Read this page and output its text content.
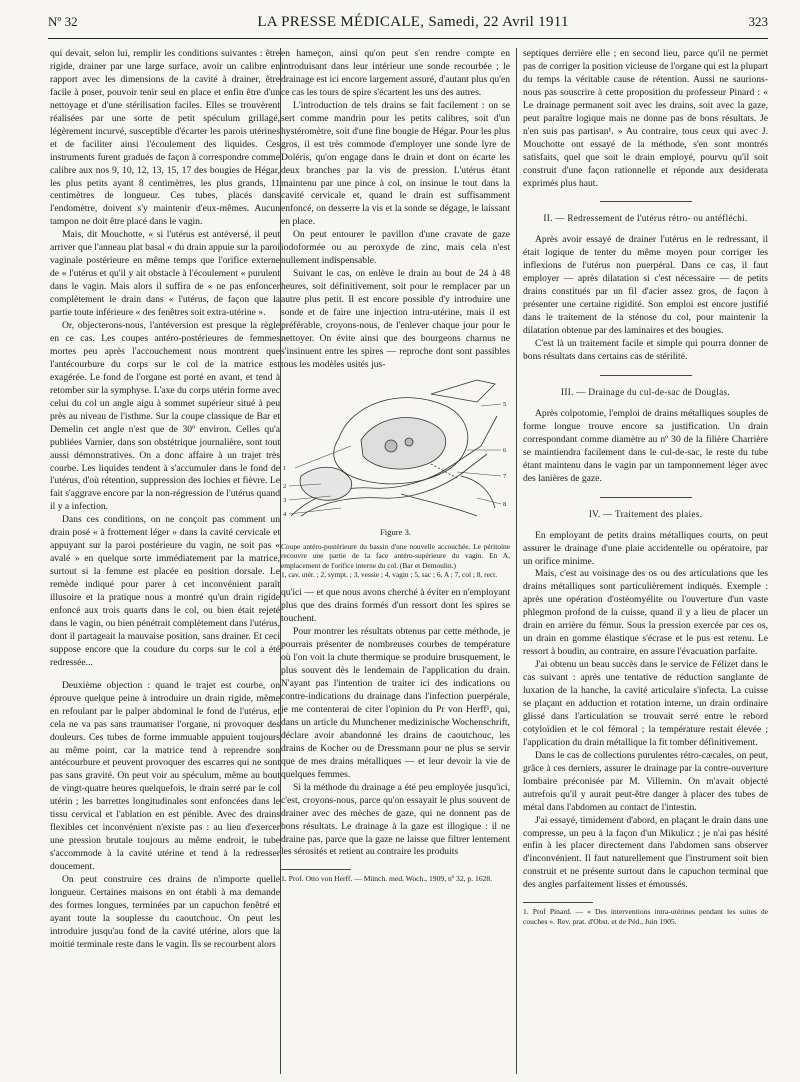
Nº 32	LA PRESSE MÉDICALE, Samedi, 22 Avril 1911	323

qui devait, selon lui, remplir les conditions suivantes : être rigide, drainer par une large surface, avoir un calibre en rapport avec les dimensions de la cavité à drainer, être facile à poser, pouvoir tenir seul en place et enfin être d'un nettoyage et d'une stérilisation faciles. Elles se trouvèrent réalisées par une sorte de petit spéculum grillagé, légèrement incurvé, susceptible d'écarter les parois utérines et de faciliter ainsi l'écoulement des liquides. Ces instruments furent gradués de façon à correspondre comme calibre aux nos 9, 10, 12, 13, 15, 17 des bougies de Hégar, les plus petits ayant 8 centimètres, les plus grands, 11 centimètres de longueur. Ces tubes, placés dans l'endomètre, doivent s'y maintenir d'eux-mêmes. Aucun tampon ne doit être placé dans le vagin.

Mais, dit Mouchotte, « si l'utérus est antéversé, il peut arriver que l'anneau plat basal « du drain appuie sur la paroi vaginale postérieure en même temps que l'orifice externe de « l'utérus et qu'il y ait obstacle à l'écoulement « purulent dans le vagin. Mais alors il suffira de « ne pas enfoncer complètement le drain dans « l'utérus, de façon que la partie toute inférieure « des fenêtres soit extra-utérine ».

Or, objecterons-nous, l'antéversion est presque la règle en ce cas. Les coupes antéro-postérieures de femmes mortes peu après l'accouchement nous montrent que l'antécourbure du corps sur le col de la matrice est exagérée. Le fond de l'organe est porté en avant, et tend à retomber sur la symphyse. L'axe du corps utérin forme avec celui du col un angle aigu à sommet supérieur situé à peu près au niveau de l'isthme. Sur la coupe classique de Bar et Demelin cet angle n'est que de 30º environ. Celles qu'a publiées Varnier, dans son obstétrique journalière, sont tout aussi démonstratives. On a donc affaire à un trajet très courbe. Les liquides tendent à s'accumuler dans le fond de l'utérus, d'où rétention, suppression des lochies et fièvre. Le fait s'aggrave encore par la non-régression de l'utérus quand il y a infection.

Dans ces conditions, on ne conçoit pas comment un drain posé « à frottement léger » dans la cavité cervicale et appuyant sur la paroi postérieure du vagin, ne soit pas « avalé » en quelque sorte immédiatement par la matrice, surtout si la femme est placée en position dorsale. Le remède indiqué pour parer à cet inconvénient paraît illusoire et la pratique nous a montré qu'un drain rigide enfoncé aux trois quarts dans le col, ou bien était rejeté dans le vagin, ou bien pénétrait complètement dans l'utérus, dont il partageait la mauvaise position, sans drainer. Et ceci suppose encore que la coudure du corps sur le col a été redressée...

Deuxième objection : quand le trajet est courbe, on éprouve quelque peine à introduire un drain rigide, même en refoulant par le palper abdominal le fond de l'utérus, et cela ne va pas sans traumatiser l'organe, ni provoquer des douleurs. Ces tubes de forme immuable appuient toujours au même point, car la matrice tend à reprendre son antécourbure et peuvent provoquer des escarres qui ne sont pas sans gravité. On peut voir au spéculum, même au bout de vingt-quatre heures quelquefois, le drain serré par le col utérin ; les barrettes longitudinales sont enfoncées dans le tissu cervical et l'ablation en est pénible. Avec des drains flexibles cet inconvénient n'existe pas : au lieu d'exercer une pression brutale toujours au même endroit, le tube s'accommode à la cavité utérine et tend à la redresser doucement.

On peut construire ces drains de n'importe quelle longueur. Certaines maisons en ont établi à ma demande des formes longues, terminées par un capuchon fenêtré et ayant toute la souplesse du caoutchouc. On peut les introduire jusqu'au fond de la cavité utérine, alors que la moitié terminale reste dans le vagin. Ils se recourbent alors

en hameçon, ainsi qu'on peut s'en rendre compte en introduisant dans leur intérieur une sonde recourbée ; le drainage est ici encore largement assuré, d'autant plus qu'en ce cas les tours de spire s'écartent les uns des autres.

L'introduction de tels drains se fait facilement : on se sert comme mandrin pour les petits calibres, soit d'un hystéromètre, soit d'une fine bougie de Hégar. Pour les plus gros, il est très commode d'employer une sonde lyre de Doléris, qu'on engage dans le drain et dont on écarte les deux branches par la vis de pression. L'utérus étant maintenu par une pince à col, on insinue le tout dans la cavité cervicale et, quand le drain est suffisamment enfoncé, on desserre la vis et la sonde se dégage, le laissant en place.

On peut entourer le pavillon d'une cravate de gaze iodoformée ou au peroxyde de zinc, mais cela n'est nullement indispensable.

Suivant le cas, on enlève le drain au bout de 24 à 48 heures, soit définitivement, soit pour le remplacer par un autre plus petit. Il est encore possible d'y introduire une sonde et de faire une injection intra-utérine, mais il est préférable, croyons-nous, de l'enlever chaque jour pour le nettoyer. On évite ainsi que des bourgeons charnus ne s'insinuent entre les spires — reproche dont sont passibles tous les modèles usités jus-

5
6
7
8
1
2
3
4
Figure 3.
Coupe antéro-postérieure du bassin d'une nouvelle accouchée. Le péritoine recouvre une partie de la face antéro-supérieure du vagin. En A, emplacement de l'orifice interne du col. (Bar et Demoulin.)
1, cav. utér. ; 2, sympt. ; 3, vessie ; 4, vagin ; 5, sac ; 6, A ; 7, col ; 8, rect.

qu'ici — et que nous avons cherché à éviter en n'employant plus que des drains formés d'un ressort dont les spires se touchent.

Pour montrer les résultats obtenus par cette méthode, je pourrais présenter de nombreuses courbes de température où l'on voit la chute thermique se produire brusquement, le plus souvent dès le lendemain de l'application du drain. N'ayant pas l'intention de traiter ici des indications ou contre-indications du drainage dans l'infection puerpérale, je me contenterai de citer l'opinion du Pr von Herff¹, qui, dans un article du Munchener medizinische Wochenschrift, déclare avoir abandonné les drains de caoutchouc, les drains de Kocher ou de Dressmann pour ne plus se servir que de mes drains métalliques — et leur devoir la vie de quelques femmes.

Si la méthode du drainage a été peu employée jusqu'ici, c'est, croyons-nous, parce qu'on essayait le plus souvent de drainer avec des mèches de gaze, qui ne donnent pas de bons résultats. Le drainage à la gaze est illogique : il ne draine pas, parce que la gaze ne laisse que filtrer lentement les sérosités et retient au contraire les produits

1. Prof. Otto von Herff. — Münch. med. Woch., 1909, nº 32, p. 1628.

septiques derrière elle ; en second lieu, parce qu'il ne permet pas de corriger la position vicieuse de l'organe qui est la plupart du temps la véritable cause de rétention. Aussi ne saurions-nous pas souscrire à cette proposition du professeur Pinard : « Le drainage permanent soit avec les drains, soit avec la gaze, peut paraître logique mais ne donne pas de bons résultats. Je n'en suis pas partisan¹. » Au contraire, tous ceux qui avec J. Mouchotte ont essayé de la méthode, s'en sont montrés satisfaits, quel que soit le drain employé, pourvu qu'il soit construit d'une façon rationnelle et réponde aux desiderata exprimés plus haut.

II. — Redressement de l'utérus rétro- ou antéfléchi.

Après avoir essayé de drainer l'utérus en le redressant, il était logique de tenter du même moyen pour corriger les inflexions de l'utérus non puerpéral. Dans ce cas, il faut employer — après dilatation si c'est nécessaire — de petits drains constitués par un fil d'acier assez gros, de façon à présenter une certaine rigidité. Son emploi est encore justifié dans le traitement de la sténose du col, pour maintenir la dilatation obtenue par des laminaires et des bougies.

C'est là un traitement facile et simple qui pourra donner de bons résultats dans certains cas de stérilité.

III. — Drainage du cul-de-sac de Douglas.

Après colpotomie, l'emploi de drains métalliques souples de forme longue trouve encore sa justification. Un drain correspondant comme diamètre au nº 30 de la filière Charrière se maintiendra facilement dans le cul-de-sac, le reste du tube étant maintenu dans le vagin par un tamponnement léger avec des lanières de gaze.

IV. — Traitement des plaies.

En employant de petits drains métalliques courts, on peut assurer le drainage d'une plaie accidentelle ou opératoire, par un orifice minime.

Mais, c'est au voisinage des os ou des articulations que les drains métalliques sont particulièrement indiqués. Exemple : après une opération d'ostéomyélite ou l'ouverture d'un vaste phlegmon profond de la cuisse, quand il y a lieu de placer un drain en arrière du fémur. Sous la pression exercée par ces os, un drain en gomme élastique s'écrase et le pus est retenu. Le ressort à boudin, au contraire, en assure l'évacuation parfaite.

J'ai obtenu un beau succès dans le service de Félizet dans le cas suivant : après une tentative de réduction sanglante de luxation de la hanche, la cavité articulaire s'infecta. La cuisse se plaçant en adduction et rotation interne, un drain ordinaire glissé dans l'articulation se trouvait serré entre le rebord cotyloïdien et le col fémoral ; la température restait élevée ; l'application du drain métallique la fit tomber définitivement.

Dans le cas de collections purulentes rétro-cæcales, on peut, grâce à ces derniers, assurer le drainage par la contre-ouverture lombaire préconisée par M. Villemin. On m'avait objecté autrefois qu'il y aurait peut-être danger à placer des tubes de métal dans l'abdomen au contact de l'intestin.

J'ai essayé, timidement d'abord, en plaçant le drain dans une compresse, un peu à la façon d'un Mikulicz ; je n'ai pas hésité enfin à les placer directement dans l'abdomen sans observer d'inconvénient. Il faut naturellement que l'instrument soit bien construit et ne présente surtout dans le capuchon terminal que des angles parfaitement lisses et émoussés.

1. Prof Pinard. — « Des interventions intra-utérines pendant les suites de couches ». Rev. prat. d'Obst. et de Péd., Juin 1905.
